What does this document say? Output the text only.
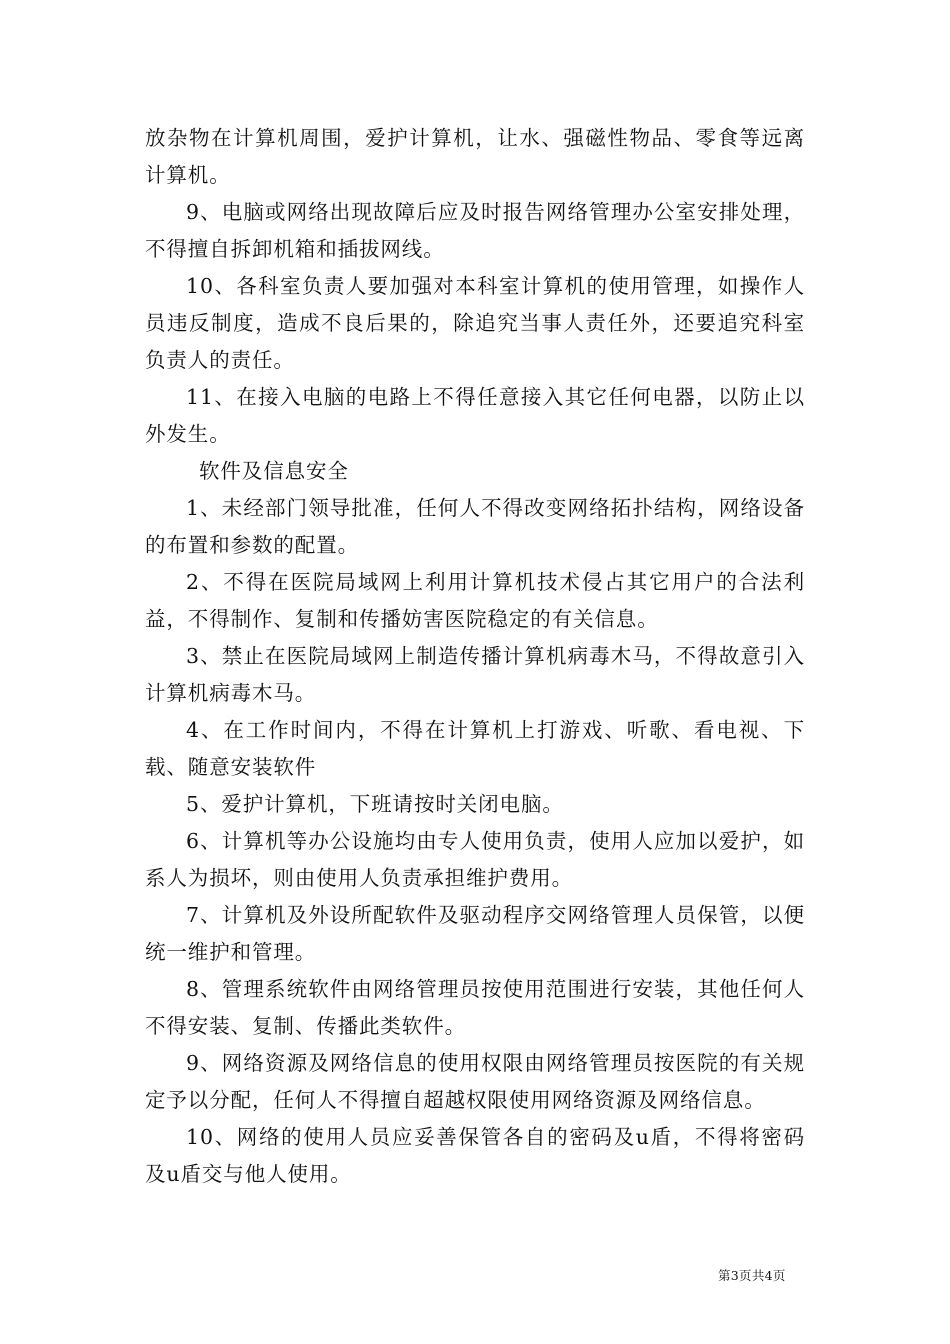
放杂物在计算机周围，爱护计算机，让水、强磁性物品、零食等远离计算机。

9、电脑或网络出现故障后应及时报告网络管理办公室安排处理，不得擅自拆卸机箱和插拔网线。

10、各科室负责人要加强对本科室计算机的使用管理，如操作人员违反制度，造成不良后果的，除追究当事人责任外，还要追究科室负责人的责任。

11、在接入电脑的电路上不得任意接入其它任何电器，以防止以外发生。

软件及信息安全

1、未经部门领导批准，任何人不得改变网络拓扑结构，网络设备的布置和参数的配置。

2、不得在医院局域网上利用计算机技术侵占其它用户的合法利益，不得制作、复制和传播妨害医院稳定的有关信息。

3、禁止在医院局域网上制造传播计算机病毒木马，不得故意引入计算机病毒木马。

4、在工作时间内，不得在计算机上打游戏、听歌、看电视、下载、随意安装软件

5、爱护计算机，下班请按时关闭电脑。

6、计算机等办公设施均由专人使用负责，使用人应加以爱护，如系人为损坏，则由使用人负责承担维护费用。

7、计算机及外设所配软件及驱动程序交网络管理人员保管，以便统一维护和管理。

8、管理系统软件由网络管理员按使用范围进行安装，其他任何人不得安装、复制、传播此类软件。

9、网络资源及网络信息的使用权限由网络管理员按医院的有关规定予以分配，任何人不得擅自超越权限使用网络资源及网络信息。

10、网络的使用人员应妥善保管各自的密码及u盾，不得将密码及u盾交与他人使用。

第3页共4页
